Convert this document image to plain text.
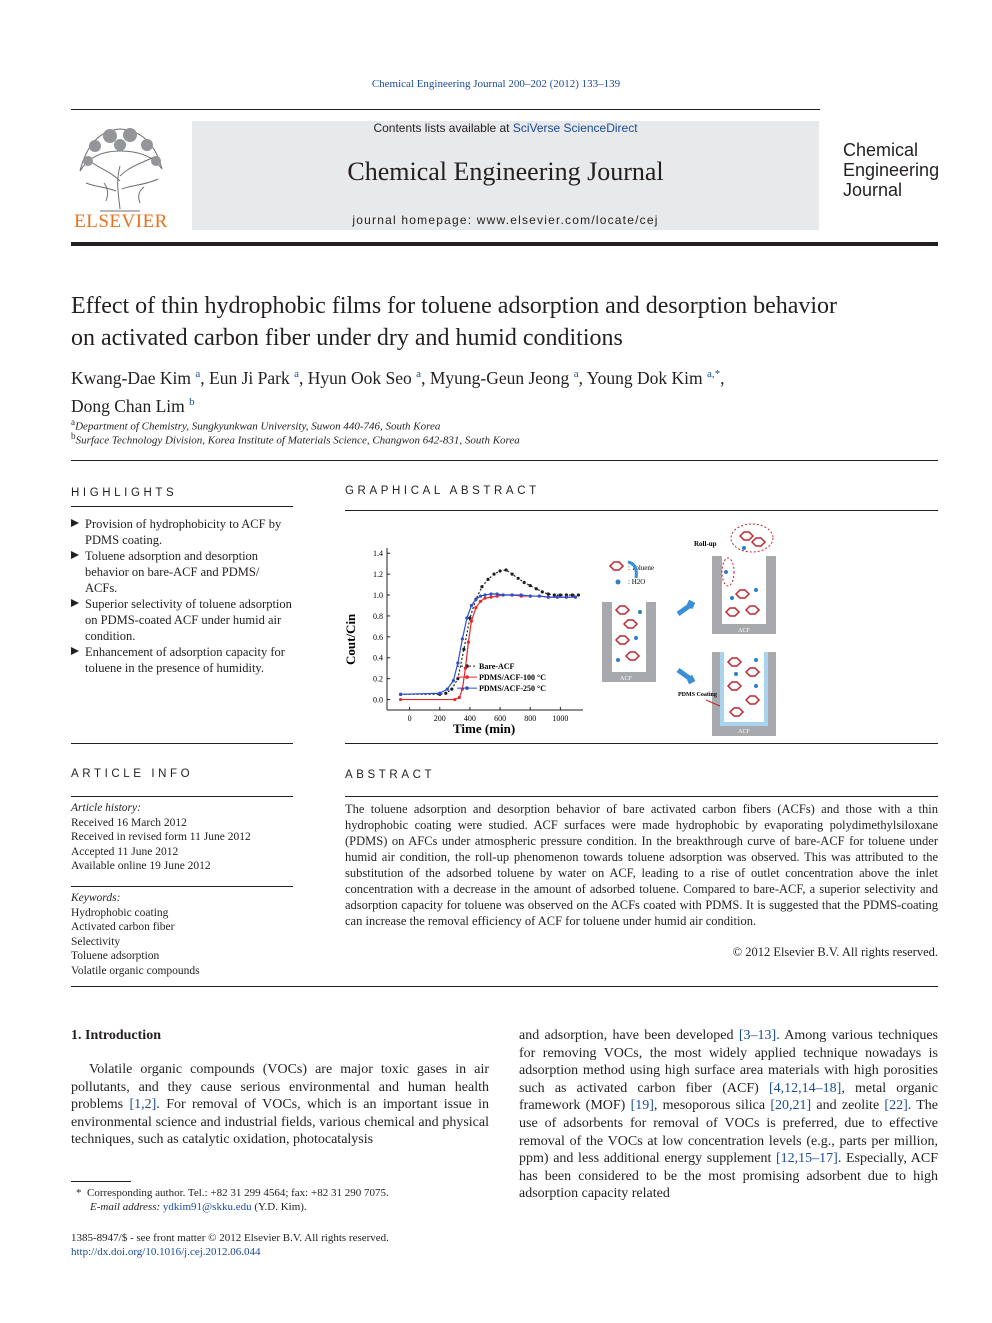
Chemical Engineering Journal 200–202 (2012) 133–139
ELSEVIER
Contents lists available at SciVerse ScienceDirect
Chemical Engineering Journal
journal homepage: www.elsevier.com/locate/cej
Chemical
Engineering
Journal
Effect of thin hydrophobic films for toluene adsorption and desorption behavior
on activated carbon fiber under dry and humid conditions
Kwang-Dae Kim $^a$, Eun Ji Park $^a$, Hyun Ook Seo $^a$, Myung-Geun Jeong $^a$, Young Dok Kim $^{a,*}$,
Dong Chan Lim $^b$
$^a$Department of Chemistry, Sungkyunkwan University, Suwon 440-746, South Korea
$^b$Surface Technology Division, Korea Institute of Materials Science, Changwon 642-831, South Korea
HIGHLIGHTS
Provision of hydrophobicity to ACF by PDMS coating.
Toluene adsorption and desorption behavior on bare-ACF and PDMS/ ACFs.
Superior selectivity of toluene adsorption on PDMS-coated ACF under humid air condition.
Enhancement of adsorption capacity for toluene in the presence of humidity.
GRAPHICAL ABSTRACT
0	200 400 600 800 1000
0.0
0.2
0.4
0.6
0.8
1.0
1.2
1.4
Bare-ACF
PDMS/ACF-100 °C
PDMS/ACF-250 °C
Cout/Cin
Time (min)
: Toluene
: H2O
ACF
Roll-up
ACF
ACF
PDMS Coating
ARTICLE INFO
Article history:
Received 16 March 2012
Received in revised form 11 June 2012
Accepted 11 June 2012
Available online 19 June 2012
Keywords:
Hydrophobic coating
Activated carbon fiber
Selectivity
Toluene adsorption
Volatile organic compounds
ABSTRACT
The toluene adsorption and desorption behavior of bare activated carbon fibers (ACFs) and those with a thin hydrophobic coating were studied. ACF surfaces were made hydrophobic by evaporating polydimethylsiloxane (PDMS) on AFCs under atmospheric pressure condition. In the breakthrough curve of bare-ACF for toluene under humid air condition, the roll-up phenomenon towards toluene adsorption was observed. This was attributed to the substitution of the adsorbed toluene by water on ACF, leading to a rise of outlet concentration above the inlet concentration with a decrease in the amount of adsorbed toluene. Compared to bare-ACF, a superior selectivity and adsorption capacity for toluene was observed on the ACFs coated with PDMS. It is suggested that the PDMS-coating can increase the removal efficiency of ACF for toluene under humid air condition.
© 2012 Elsevier B.V. All rights reserved.
1. Introduction
Volatile organic compounds (VOCs) are major toxic gases in air pollutants, and they cause serious environmental and human health problems [1,2]. For removal of VOCs, which is an important issue in environmental science and industrial fields, various chemical and physical techniques, such as catalytic oxidation, photocatalysis
and adsorption, have been developed [3–13]. Among various techniques for removing VOCs, the most widely applied technique nowadays is adsorption method using high surface area materials with high porosities such as activated carbon fiber (ACF) [4,12,14–18], metal organic framework (MOF) [19], mesoporous silica [20,21] and zeolite [22]. The use of adsorbents for removal of VOCs is preferred, due to effective removal of the VOCs at low concentration levels (e.g., parts per million, ppm) and less additional energy supplement [12,15–17]. Especially, ACF has been considered to be the most promising adsorbent due to high adsorption capacity related
*  Corresponding author. Tel.: +82 31 299 4564; fax: +82 31 290 7075.
E-mail address: ydkim91@skku.edu (Y.D. Kim).
1385-8947/$ - see front matter © 2012 Elsevier B.V. All rights reserved.
http://dx.doi.org/10.1016/j.cej.2012.06.044
